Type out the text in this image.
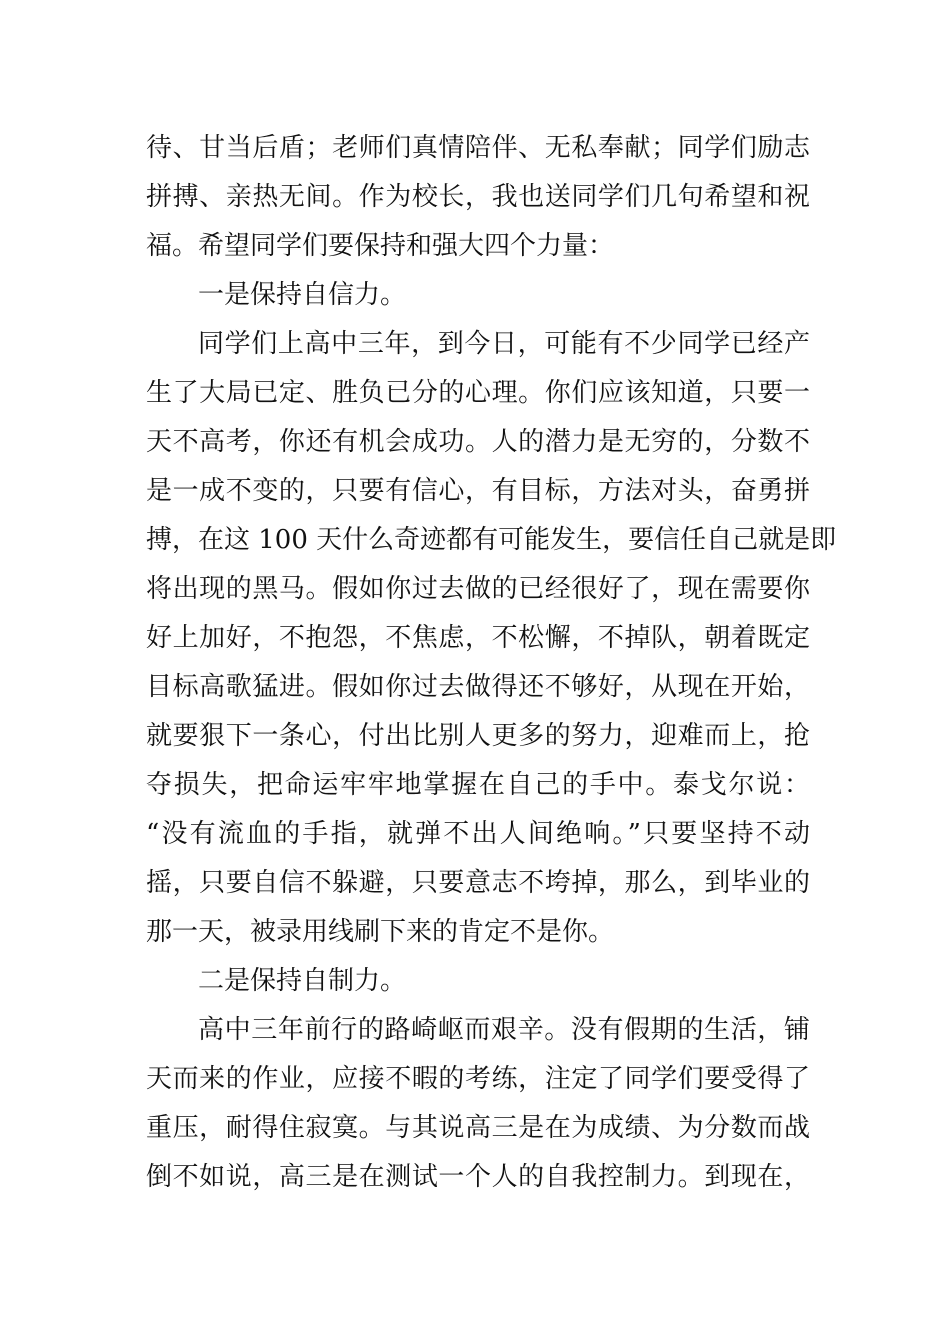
待、甘当后盾；老师们真情陪伴、无私奉献；同学们励志
拼搏、亲热无间。作为校长，我也送同学们几句希望和祝
福。希望同学们要保持和强大四个力量：
一是保持自信力。
同学们上高中三年，到今日，可能有不少同学已经产
生了大局已定、胜负已分的心理。你们应该知道，只要一
天不高考，你还有机会成功。人的潜力是无穷的，分数不
是一成不变的，只要有信心，有目标，方法对头，奋勇拼
搏，在这 100 天什么奇迹都有可能发生，要信任自己就是即
将出现的黑马。假如你过去做的已经很好了，现在需要你
好上加好，不抱怨，不焦虑，不松懈，不掉队，朝着既定
目标高歌猛进。假如你过去做得还不够好，从现在开始，
就要狠下一条心，付出比别人更多的努力，迎难而上，抢
夺损失，把命运牢牢地掌握在自己的手中。泰戈尔说：
“没有流血的手指，就弹不出人间绝响。”只要坚持不动
摇，只要自信不躲避，只要意志不垮掉，那么，到毕业的
那一天，被录用线刷下来的肯定不是你。
二是保持自制力。
高中三年前行的路崎岖而艰辛。没有假期的生活，铺
天而来的作业，应接不暇的考练，注定了同学们要受得了
重压，耐得住寂寞。与其说高三是在为成绩、为分数而战
倒不如说，高三是在测试一个人的自我控制力。到现在，
